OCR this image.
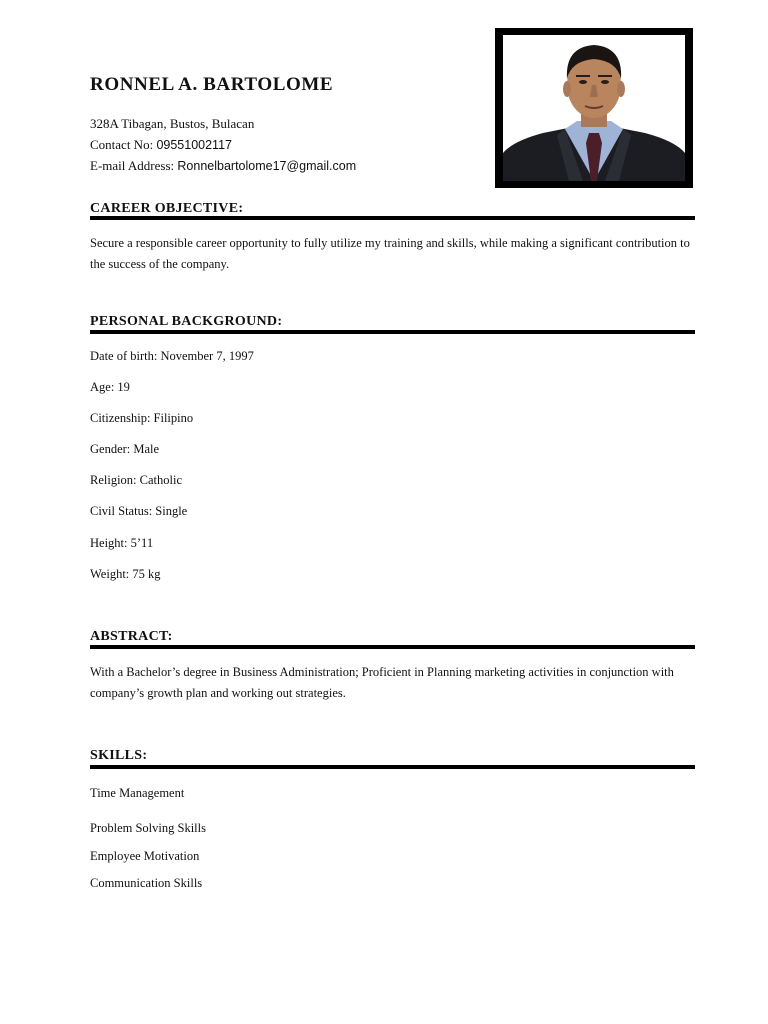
RONNEL A. BARTOLOME
328A Tibagan, Bustos, Bulacan
Contact No: 09551002117
E-mail Address: Ronnelbartolome17@gmail.com
CAREER OBJECTIVE:

Secure a responsible career opportunity to fully utilize my training and skills, while making a significant contribution to the success of the company.

PERSONAL BACKGROUND:
Date of birth: November 7, 1997
Age: 19
Citizenship: Filipino
Gender: Male
Religion: Catholic
Civil Status: Single
Height: 5’11
Weight: 75 kg
ABSTRACT:

With a Bachelor’s degree in Business Administration; Proficient in Planning marketing activities in conjunction with company’s growth plan and working out strategies.

SKILLS:
Time Management
Problem Solving Skills
Employee Motivation
Communication Skills
